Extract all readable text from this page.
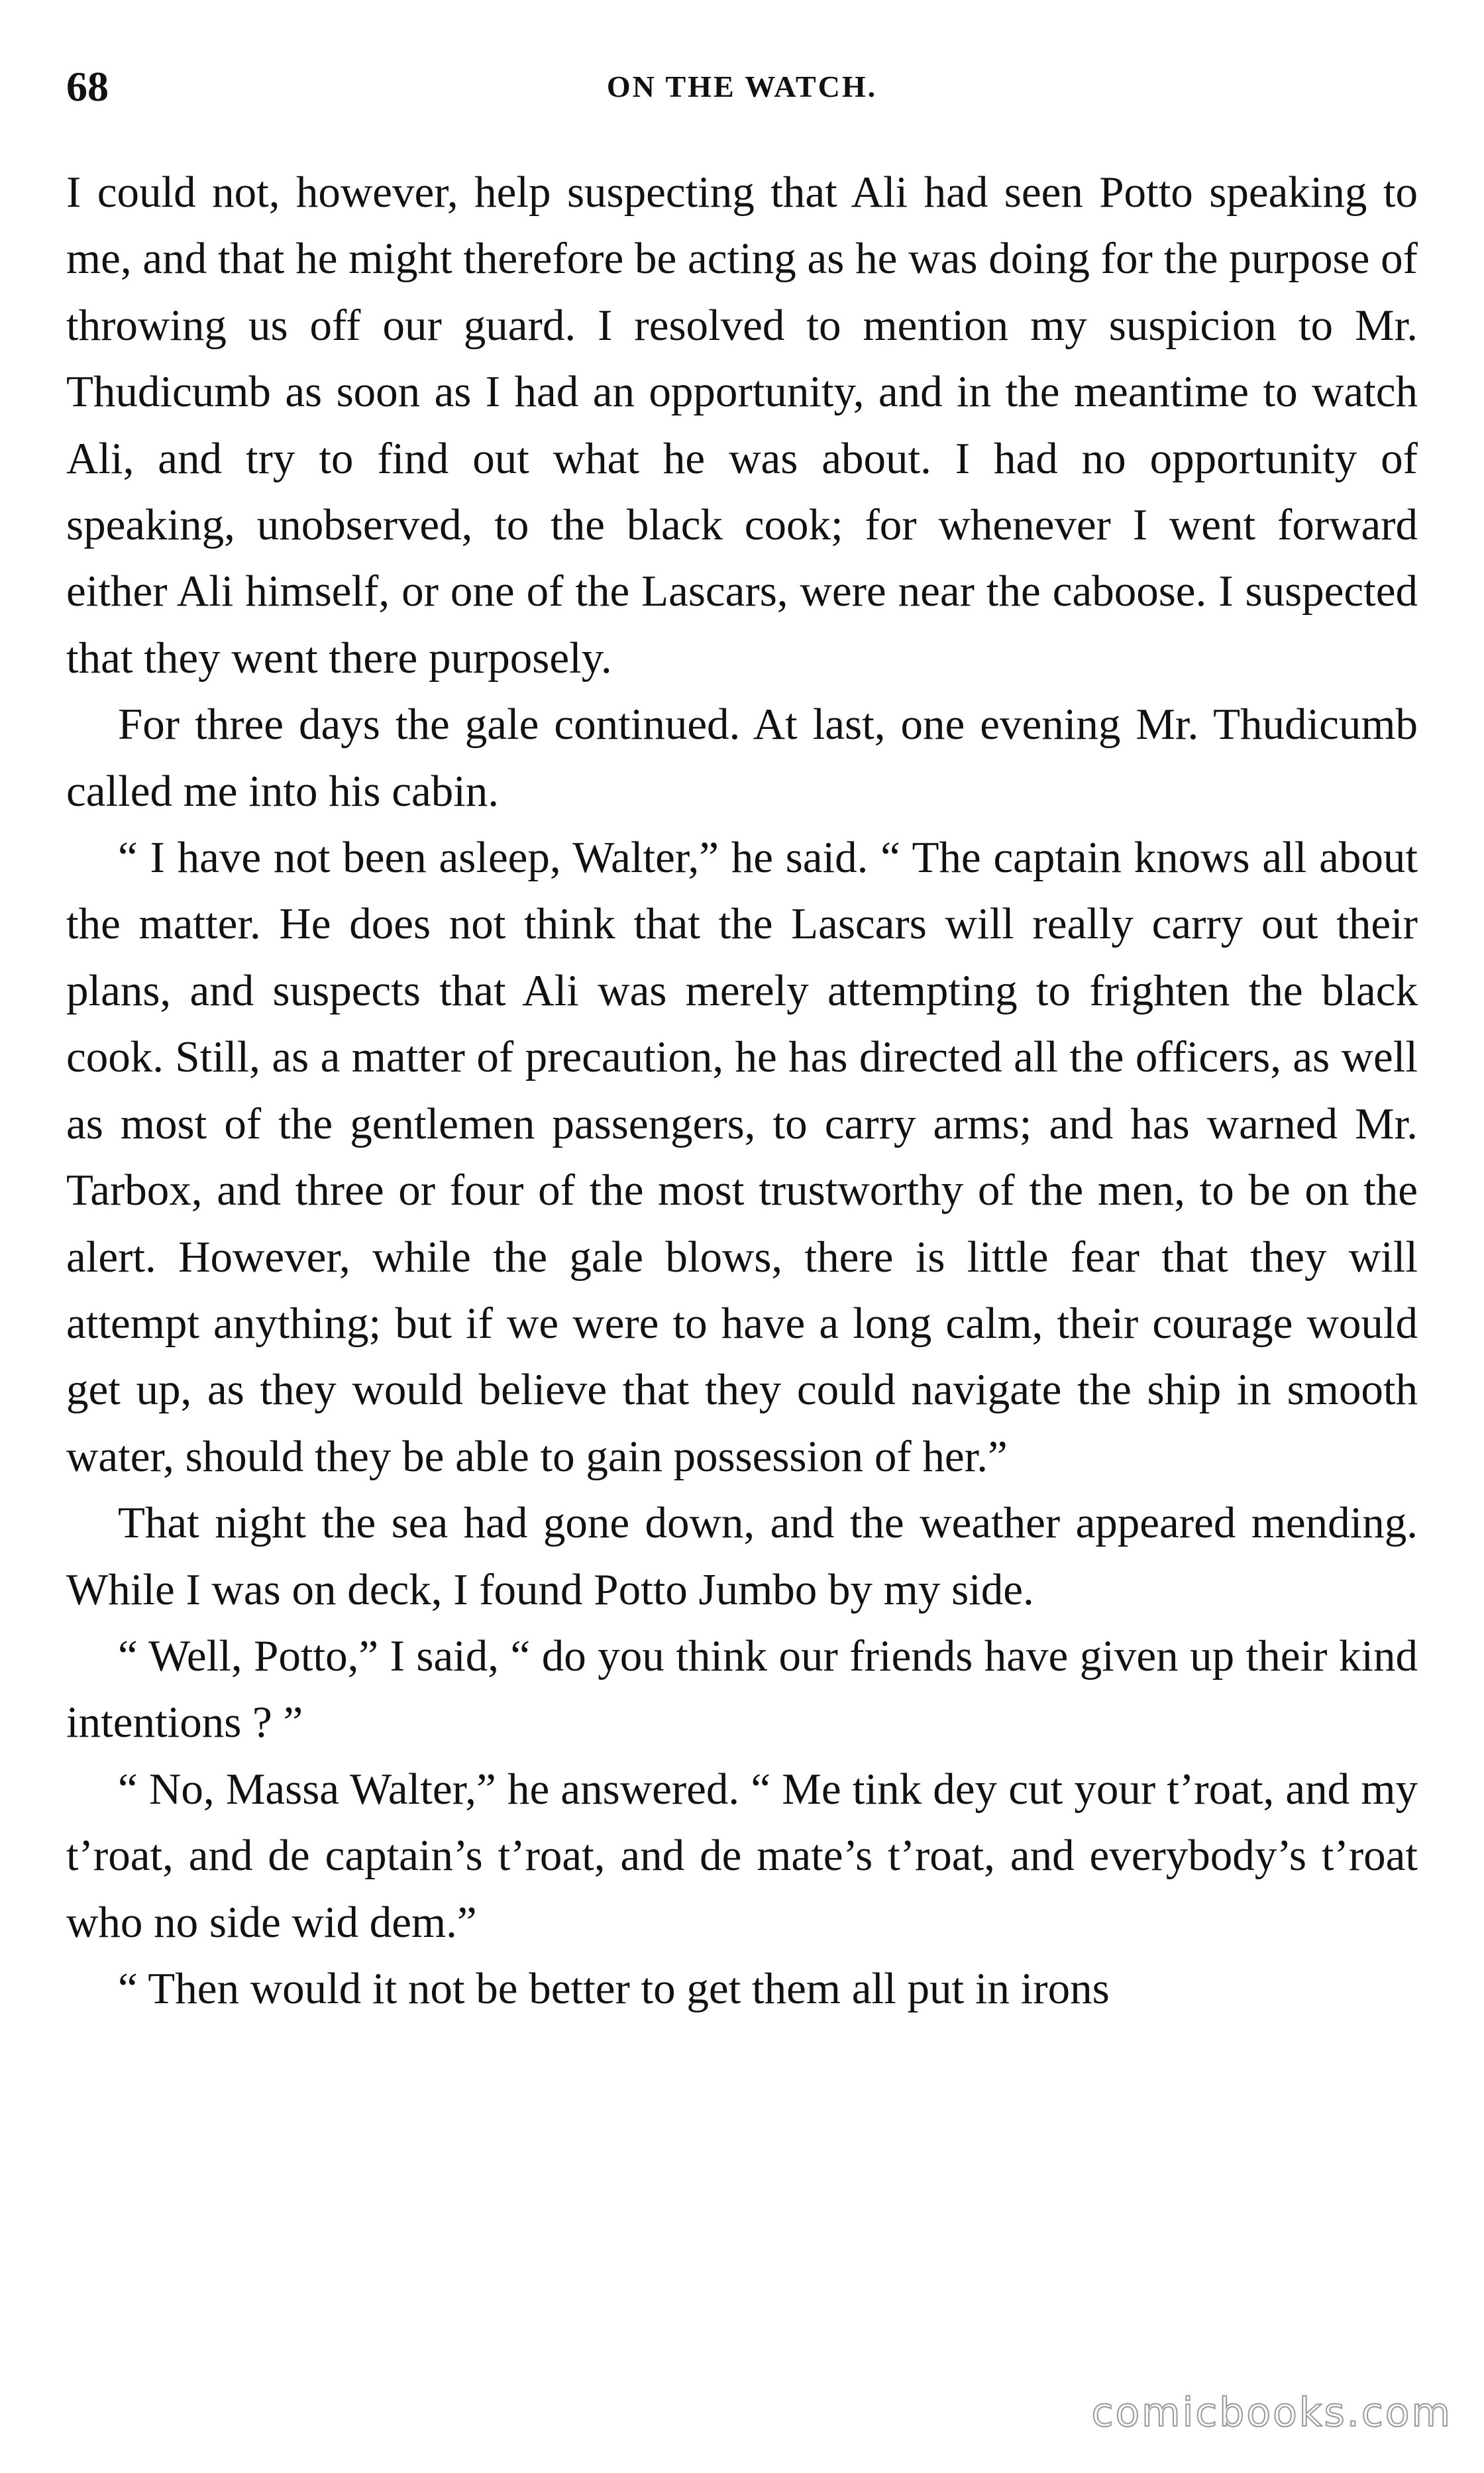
68	ON THE WATCH.

I could not, however, help suspecting that Ali had seen Potto speaking to me, and that he might therefore be acting as he was doing for the purpose of throwing us off our guard. I resolved to mention my suspicion to Mr. Thudicumb as soon as I had an opportunity, and in the meantime to watch Ali, and try to find out what he was about. I had no opportunity of speaking, unobserved, to the black cook; for whenever I went forward either Ali himself, or one of the Lascars, were near the caboose. I suspected that they went there purposely.

For three days the gale continued. At last, one evening Mr. Thudicumb called me into his cabin.

“ I have not been asleep, Walter,” he said. “ The captain knows all about the matter. He does not think that the Lascars will really carry out their plans, and suspects that Ali was merely attempting to frighten the black cook. Still, as a matter of precaution, he has directed all the officers, as well as most of the gentlemen passengers, to carry arms; and has warned Mr. Tarbox, and three or four of the most trustworthy of the men, to be on the alert. However, while the gale blows, there is little fear that they will attempt anything; but if we were to have a long calm, their courage would get up, as they would believe that they could navigate the ship in smooth water, should they be able to gain possession of her.”

That night the sea had gone down, and the weather appeared mending. While I was on deck, I found Potto Jumbo by my side.

“ Well, Potto,” I said, “ do you think our friends have given up their kind intentions ? ”

“ No, Massa Walter,” he answered. “ Me tink dey cut your t’roat, and my t’roat, and de captain’s t’roat, and de mate’s t’roat, and everybody’s t’roat who no side wid dem.”

“ Then would it not be better to get them all put in irons

comicbooks.com
